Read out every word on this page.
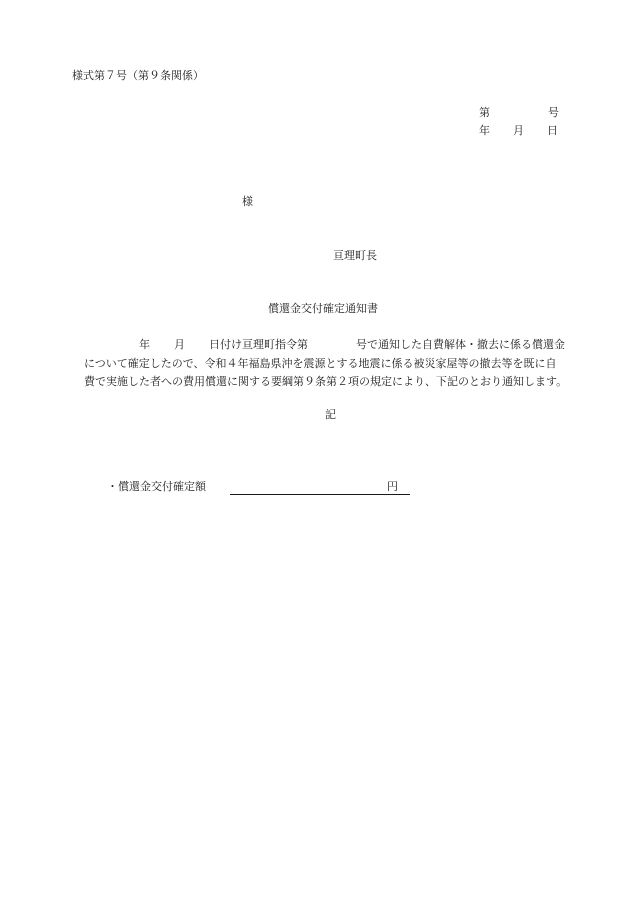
様式第７号（第９条関係）
第	号
年 月 日
様
亘理町長
償還金交付確定通知書
年 月 日付け亘理町指令第	号で通知した自費解体・撤去に係る償還金
について確定したので、令和４年福島県沖を震源とする地震に係る被災家屋等の撤去等を既に自
費で実施した者への費用償還に関する要綱第９条第２項の規定により、下記のとおり通知します。
記
・償還金交付確定額	円
